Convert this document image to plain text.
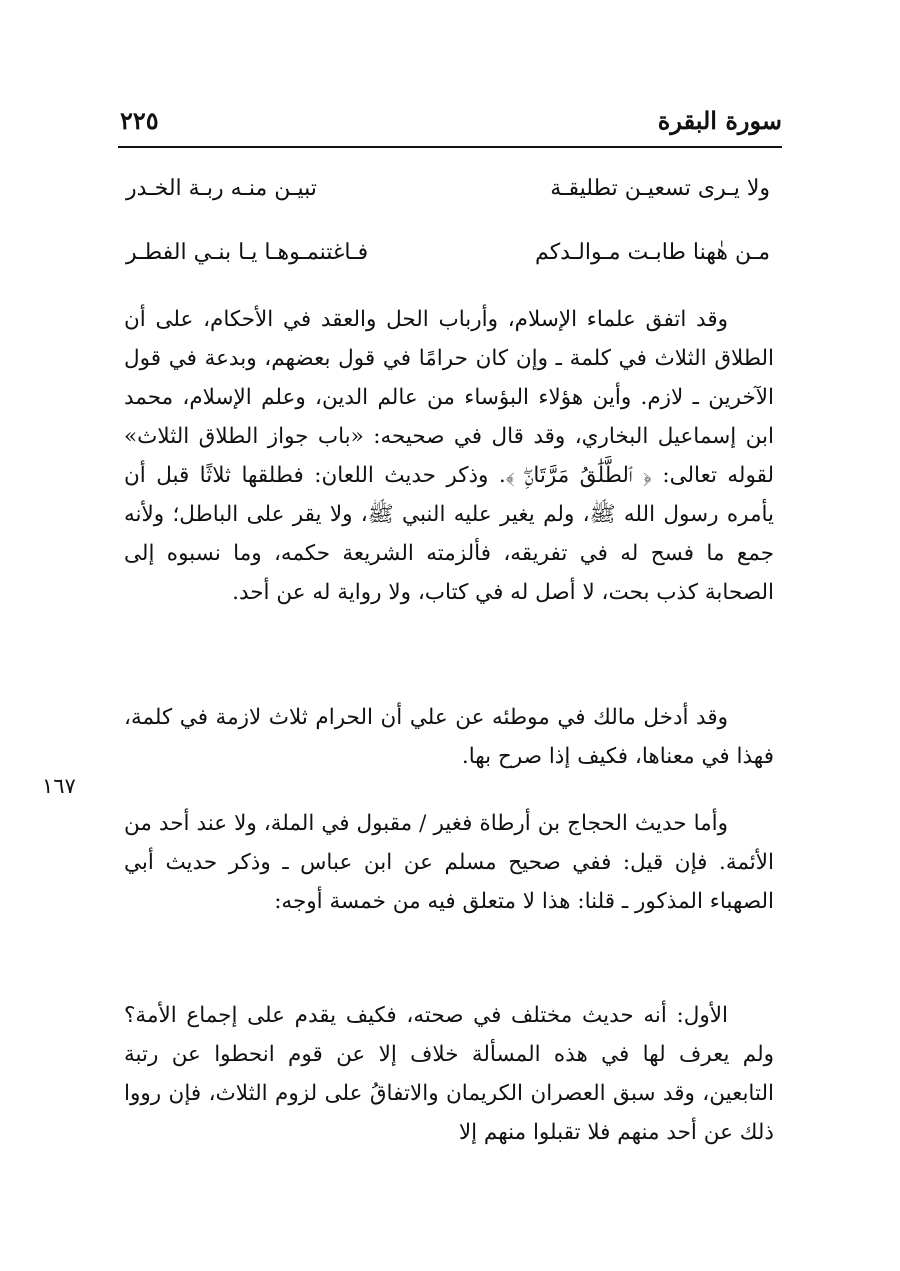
سورة البقرة
٢٢٥
ولا يـرى تسعيـن تطليقـة
تبيـن منـه ربـة الخـدر
مـن هٰهنا طابـت مـوالـدكم
فـاغتنمـوهـا يـا بنـي الفطـر

وقد اتفق علماء الإسلام، وأرباب الحل والعقد في الأحكام، على أن الطلاق الثلاث في كلمة ـ وإن كان حرامًا في قول بعضهم، وبدعة في قول الآخرين ـ لازم. وأين هؤلاء البؤساء من عالم الدين، وعلم الإسلام، محمد ابن إسماعيل البخاري، وقد قال في صحيحه: «باب جواز الطلاق الثلاث» لقوله تعالى: ﴿ ٱلطَّلَٰقُ مَرَّتَانِۖ ﴾. وذكر حديث اللعان: فطلقها ثلاثًا قبل أن يأمره رسول الله ﷺ، ولم يغير عليه النبي ﷺ، ولا يقر على الباطل؛ ولأنه جمع ما فسح له في تفريقه، فألزمته الشريعة حكمه، وما نسبوه إلى الصحابة كذب بحت، لا أصل له في كتاب، ولا رواية له عن أحد.

وقد أدخل مالك في موطئه عن علي أن الحرام ثلاث لازمة في كلمة، فهذا في معناها، فكيف إذا صرح بها.

١٦٧

وأما حديث الحجاج بن أرطاة فغير / مقبول في الملة، ولا عند أحد من الأئمة. فإن قيل: ففي صحيح مسلم عن ابن عباس ـ وذكر حديث أبي الصهباء المذكور ـ قلنا: هذا لا متعلق فيه من خمسة أوجه:

الأول: أنه حديث مختلف في صحته، فكيف يقدم على إجماع الأمة؟ ولم يعرف لها في هذه المسألة خلاف إلا عن قوم انحطوا عن رتبة التابعين، وقد سبق العصران الكريمان والاتفاقُ على لزوم الثلاث، فإن رووا ذلك عن أحد منهم فلا تقبلوا منهم إلا
